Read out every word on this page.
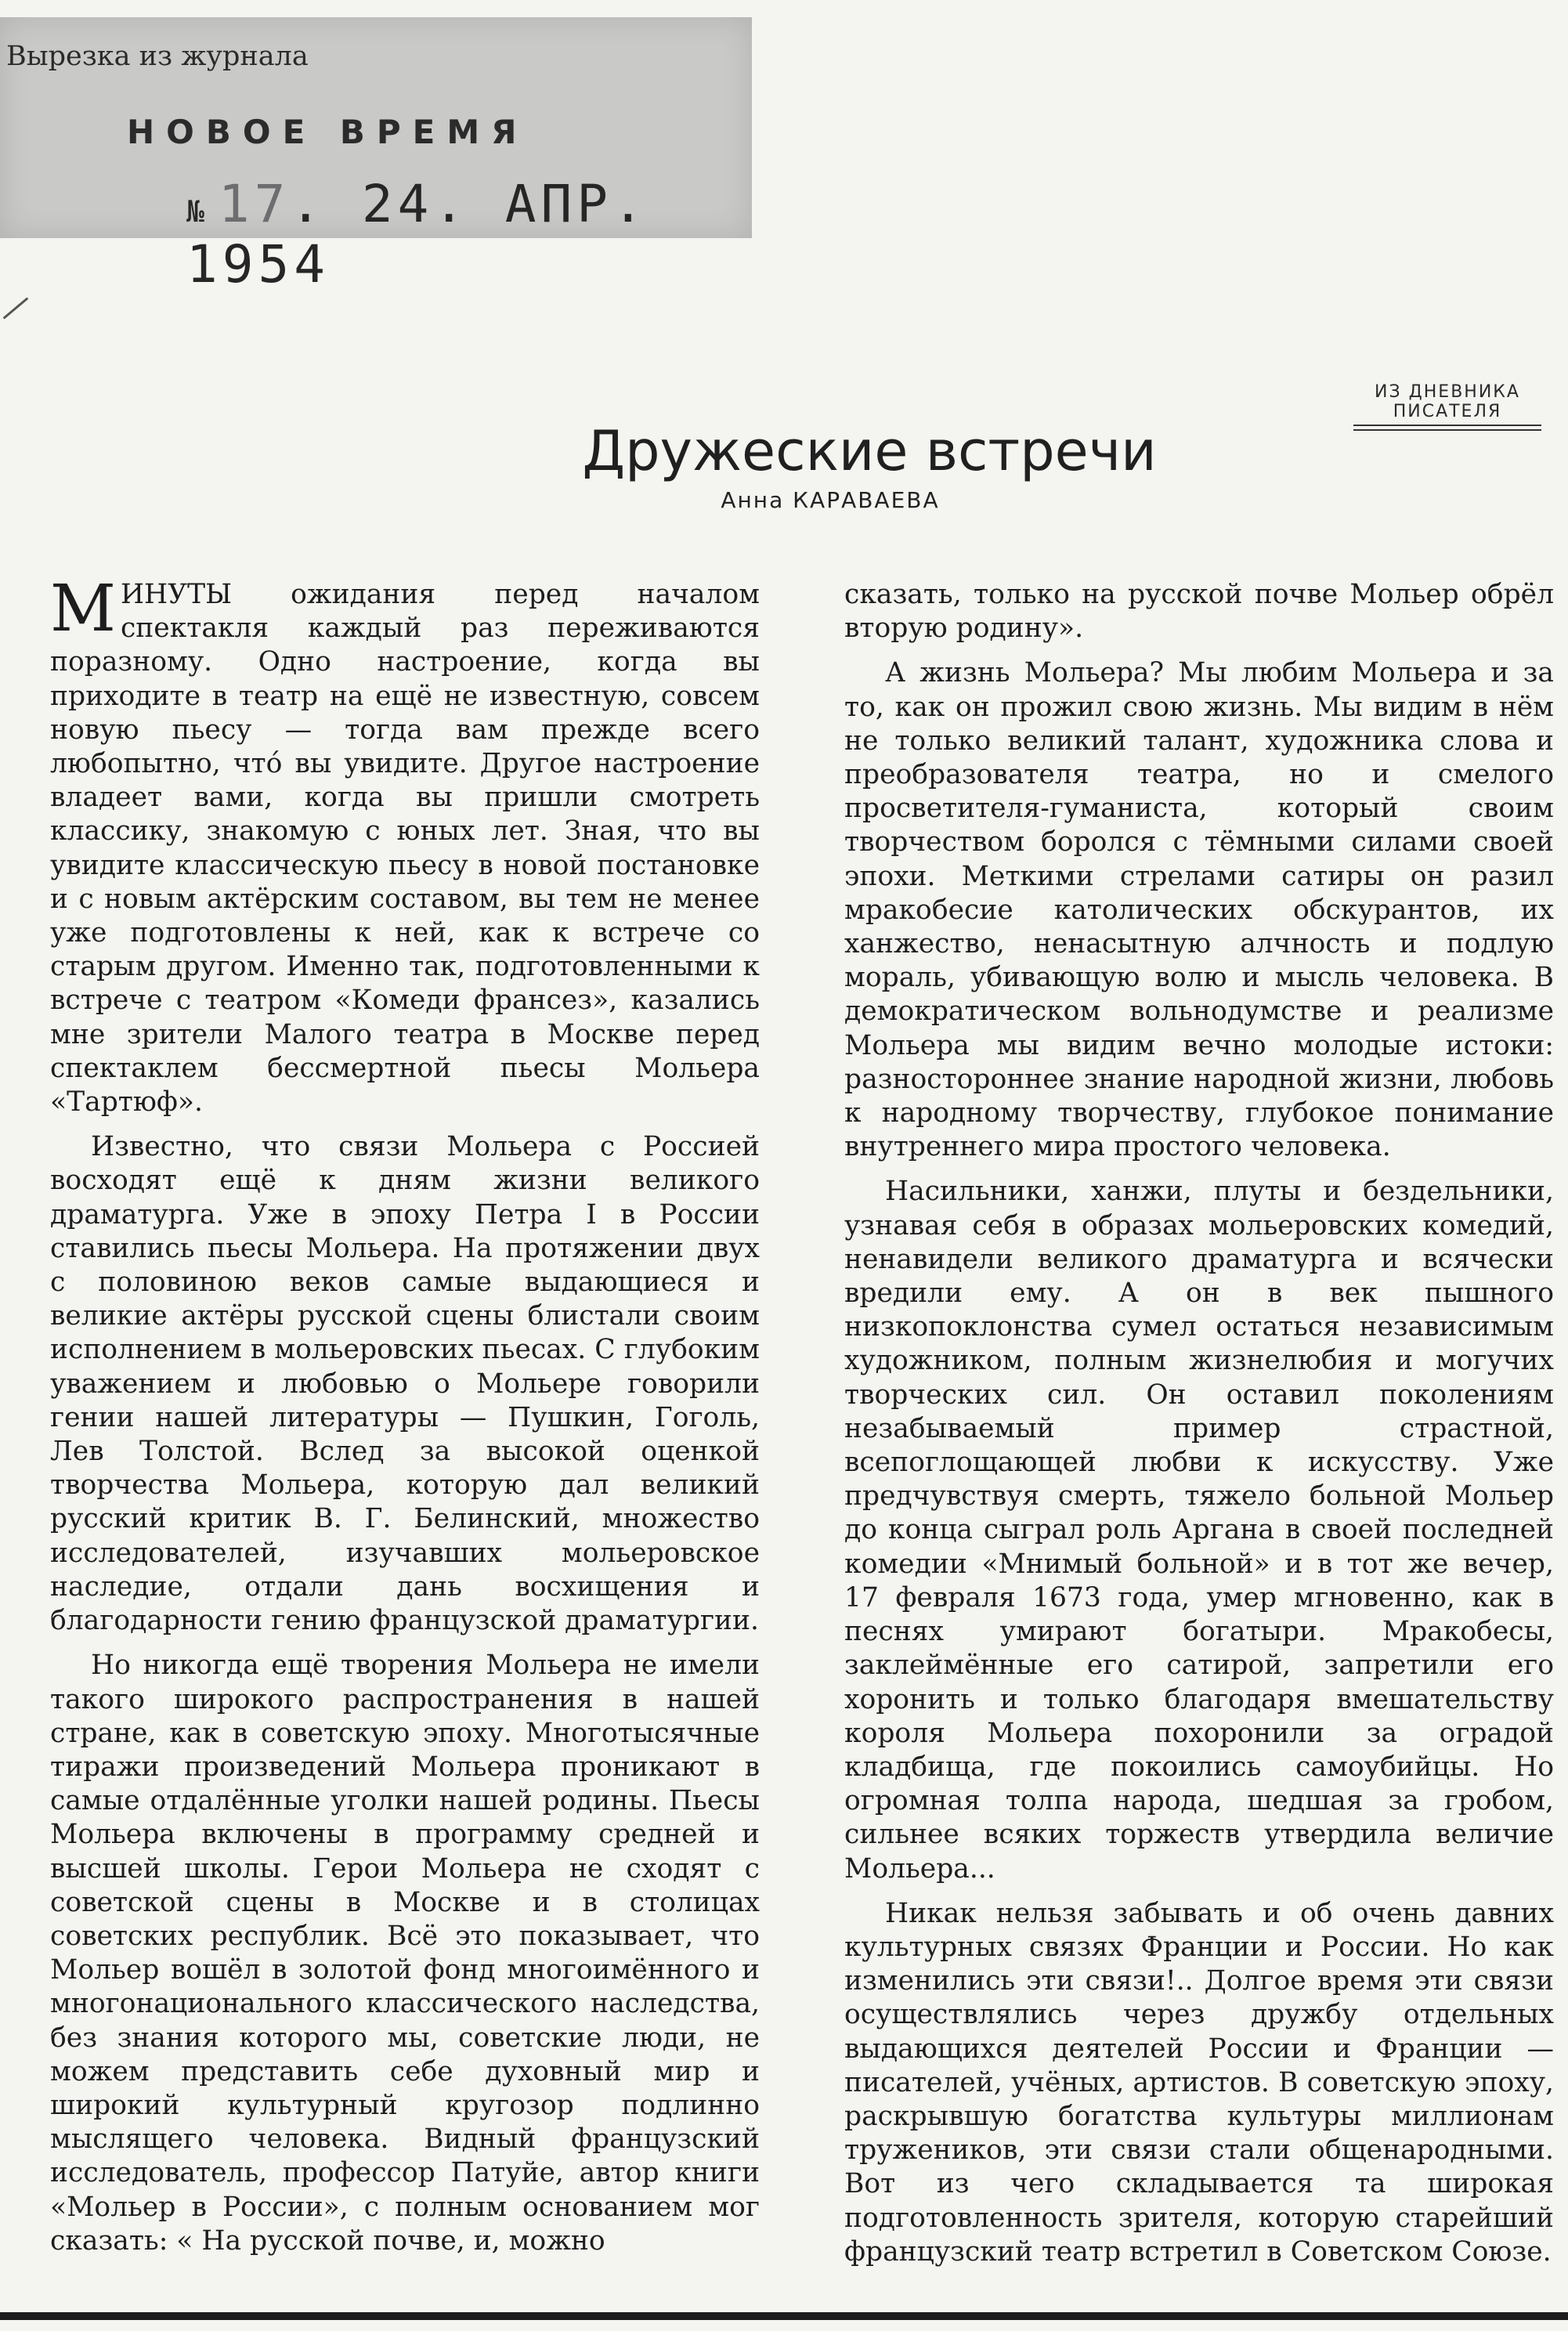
Вырезка из журнала
НОВОЕ ВРЕМЯ
№ 17. 24. АПР. 1954
ИЗ ДНЕВНИКА
ПИСАТЕЛЯ
Дружеские встречи
Анна КАРАВАЕВА

МИНУТЫ ожидания перед началом спектакля каждый раз переживаются поразному. Одно настроение, когда вы приходите в театр на ещё не известную, совсем новую пьесу — тогда вам прежде всего любопытно, что́ вы увидите. Другое настроение владеет вами, когда вы пришли смотреть классику, знакомую с юных лет. Зная, что вы увидите классическую пьесу в новой постановке и с новым актёрским составом, вы тем не менее уже подготовлены к ней, как к встрече со старым другом. Именно так, подготовленными к встрече с театром «Комеди франсез», казались мне зрители Малого театра в Москве перед спектаклем бессмертной пьесы Мольера «Тартюф».

Известно, что связи Мольера с Россией восходят ещё к дням жизни великого драматурга. Уже в эпоху Петра I в России ставились пьесы Мольера. На протяжении двух с половиною веков самые выдающиеся и великие актёры русской сцены блистали своим исполнением в мольеровских пьесах. С глубоким уважением и любовью о Мольере говорили гении нашей литературы — Пушкин, Гоголь, Лев Толстой. Вслед за высокой оценкой творчества Мольера, которую дал великий русский критик В. Г. Белинский, множество исследователей, изучавших мольеровское наследие, отдали дань восхищения и благодарности гению французской драматургии.

Но никогда ещё творения Мольера не имели такого широкого распространения в нашей стране, как в советскую эпоху. Многотысячные тиражи произведений Мольера проникают в самые отдалённые уголки нашей родины. Пьесы Мольера включены в программу средней и высшей школы. Герои Мольера не сходят с советской сцены в Москве и в столицах советских республик. Всё это показывает, что Мольер вошёл в золотой фонд многоимённого и многонационального классического наследства, без знания которого мы, советские люди, не можем представить себе духовный мир и широкий культурный кругозор подлинно мыслящего человека. Видный французский исследователь, профессор Патуйе, автор книги «Мольер в России», с полным основанием мог сказать: « На русской почве, и, можно

сказать, только на русской почве Мольер обрёл вторую родину».

А жизнь Мольера? Мы любим Мольера и за то, как он прожил свою жизнь. Мы видим в нём не только великий талант, художника слова и преобразователя театра, но и смелого просветителя-гуманиста, который своим творчеством боролся с тёмными силами своей эпохи. Меткими стрелами сатиры он разил мракобесие католических обскурантов, их ханжество, ненасытную алчность и подлую мораль, убивающую волю и мысль человека. В демократическом вольнодумстве и реализме Мольера мы видим вечно молодые истоки: разностороннее знание народной жизни, любовь к народному творчеству, глубокое понимание внутреннего мира простого человека.

Насильники, ханжи, плуты и бездельники, узнавая себя в образах мольеровских комедий, ненавидели великого драматурга и всячески вредили ему. А он в век пышного низкопоклонства сумел остаться независимым художником, полным жизнелюбия и могучих творческих сил. Он оставил поколениям незабываемый пример страстной, всепоглощающей любви к искусству. Уже предчувствуя смерть, тяжело больной Мольер до конца сыграл роль Аргана в своей последней комедии «Мнимый больной» и в тот же вечер, 17 февраля 1673 года, умер мгновенно, как в песнях умирают богатыри. Мракобесы, заклеймённые его сатирой, запретили его хоронить и только благодаря вмешательству короля Мольера похоронили за оградой кладбища, где покоились самоубийцы. Но огромная толпа народа, шедшая за гробом, сильнее всяких торжеств утвердила величие Мольера...

Никак нельзя забывать и об очень давних культурных связях Франции и России. Но как изменились эти связи!.. Долгое время эти связи осуществлялись через дружбу отдельных выдающихся деятелей России и Франции — писателей, учёных, артистов. В советскую эпоху, раскрывшую богатства культуры миллионам тружеников, эти связи стали общенародными. Вот из чего складывается та широкая подготовленность зрителя, которую старейший французский театр встретил в Советском Союзе.
